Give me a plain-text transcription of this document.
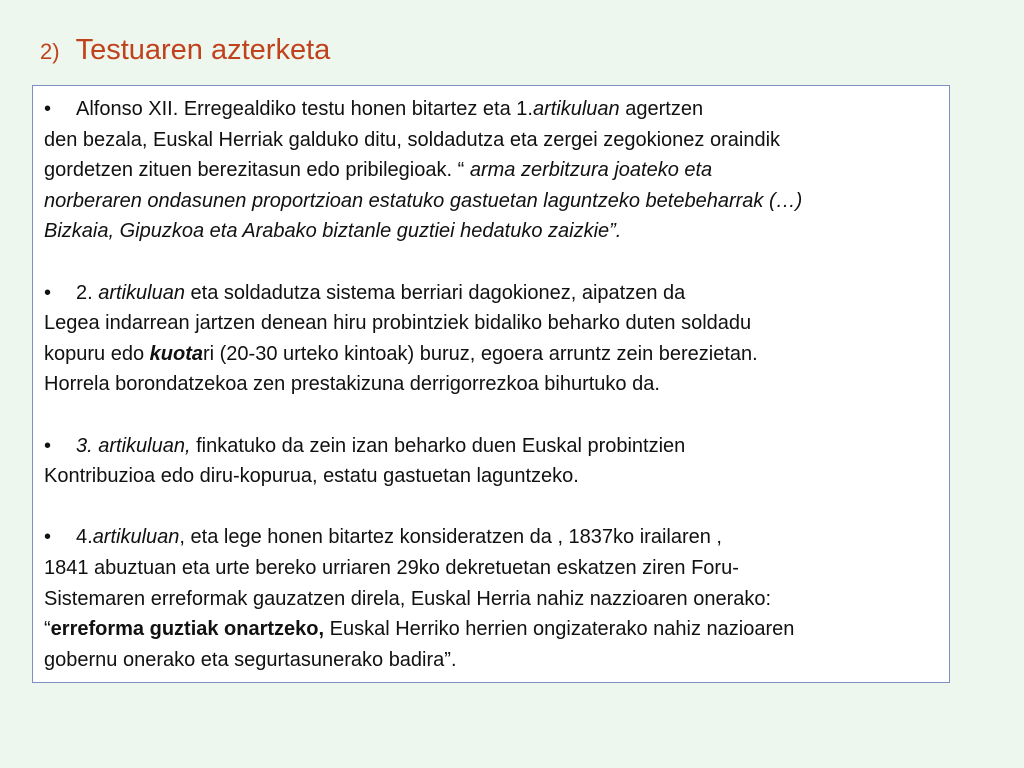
2) Testuaren azterketa
• Alfonso XII. Erregealdiko testu honen bitartez eta 1.artikuluan agertzen
den bezala, Euskal Herriak galduko ditu, soldadutza eta zergei zegokionez oraindik
gordetzen zituen berezitasun edo pribilegioak. “ arma zerbitzura joateko eta
norberaren ondasunen proportzioan estatuko gastuetan laguntzeko betebeharrak (…)
Bizkaia, Gipuzkoa eta Arabako biztanle guztiei hedatuko zaizkie”.
• 2. artikuluan eta soldadutza sistema berriari dagokionez, aipatzen da
Legea indarrean jartzen denean hiru probintziek bidaliko beharko duten soldadu
kopuru edo kuotari (20-30 urteko kintoak) buruz, egoera arruntz zein berezietan.
Horrela borondatzekoa zen prestakizuna derrigorrezkoa bihurtuko da.
• 3. artikuluan, finkatuko da zein izan beharko duen Euskal probintzien
Kontribuzioa edo diru-kopurua, estatu gastuetan laguntzeko.
• 4.artikuluan, eta lege honen bitartez konsideratzen da , 1837ko irailaren ,
1841 abuztuan eta urte bereko urriaren 29ko dekretuetan eskatzen ziren Foru-
Sistemaren erreformak gauzatzen direla, Euskal Herria nahiz nazzioaren onerako:
“erreforma guztiak onartzeko, Euskal Herriko herrien ongizaterako nahiz nazioaren
gobernu onerako eta segurtasunerako badira”.
